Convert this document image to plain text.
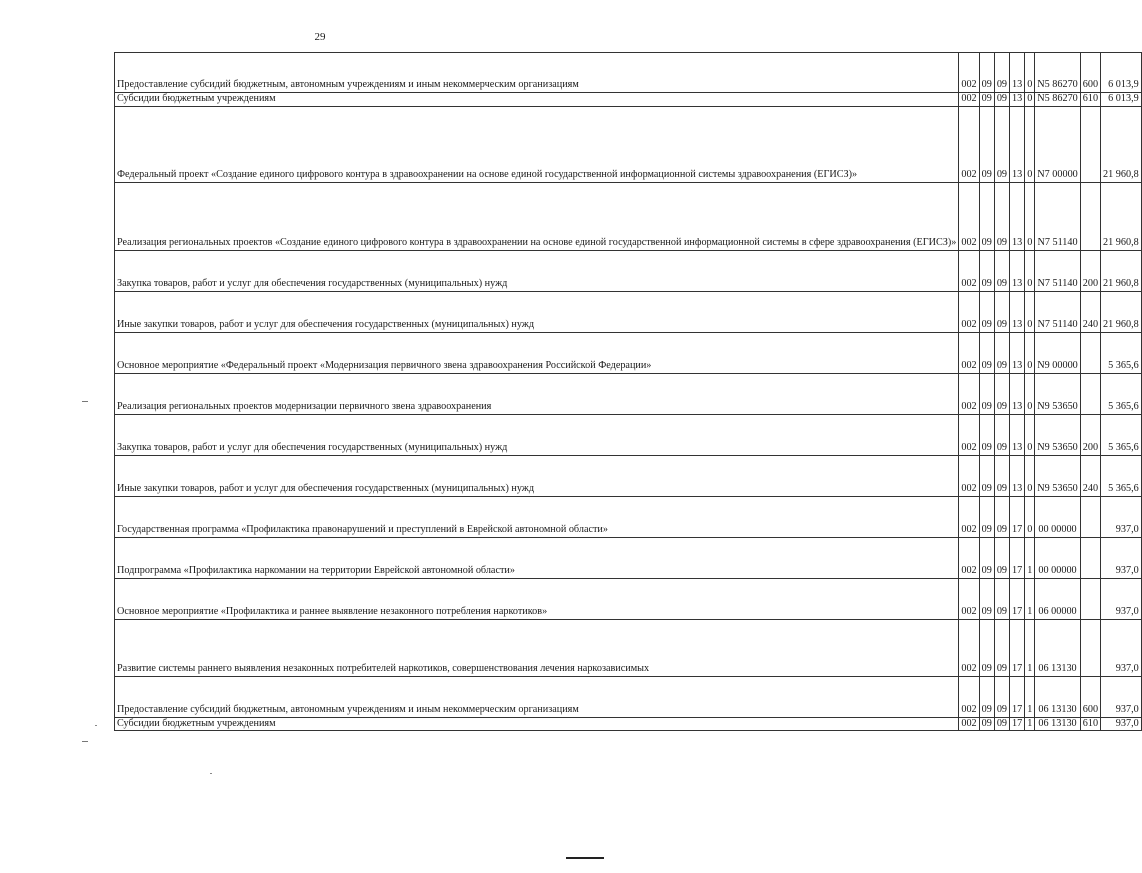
29
Предоставление субсидий бюджетным, автономным учреждениям и иным некоммерческим организациям	002	09	09	13	0	N5 86270	600	6 013,9
Субсидии бюджетным учреждениям	002	09	09	13	0	N5 86270	610	6 013,9
Федеральный проект «Создание единого цифрового контура в здравоохранении на основе единой государственной информационной системы здравоохранения (ЕГИСЗ)»	002	09	09	13	0	N7 00000		21 960,8
Реализация региональных проектов «Создание единого цифрового контура в здравоохранении на основе единой государственной информационной системы в сфере здравоохранения (ЕГИСЗ)»	002	09	09	13	0	N7 51140		21 960,8
Закупка товаров, работ и услуг для обеспечения государственных (муниципальных) нужд	002	09	09	13	0	N7 51140	200	21 960,8
Иные закупки товаров, работ и услуг для обеспечения государственных (муниципальных) нужд	002	09	09	13	0	N7 51140	240	21 960,8
Основное мероприятие «Федеральный проект «Модернизация первичного звена здравоохранения Российской Федерации»	002	09	09	13	0	N9 00000		5 365,6
Реализация региональных проектов модернизации первичного звена здравоохранения	002	09	09	13	0	N9 53650		5 365,6
Закупка товаров, работ и услуг для обеспечения государственных (муниципальных) нужд	002	09	09	13	0	N9 53650	200	5 365,6
Иные закупки товаров, работ и услуг для обеспечения государственных (муниципальных) нужд	002	09	09	13	0	N9 53650	240	5 365,6
Государственная программа «Профилактика правонарушений и преступлений в Еврейской автономной области»	002	09	09	17	0	00 00000		937,0
Подпрограмма «Профилактика наркомании на территории Еврейской автономной области»	002	09	09	17	1	00 00000		937,0
Основное мероприятие «Профилактика и раннее выявление незаконного потребления наркотиков»	002	09	09	17	1	06 00000		937,0
Развитие системы раннего выявления незаконных потребителей наркотиков, совершенствования лечения наркозависимых	002	09	09	17	1	06 13130		937,0
Предоставление субсидий бюджетным, автономным учреждениям и иным некоммерческим организациям	002	09	09	17	1	06 13130	600	937,0
Субсидии бюджетным учреждениям	002	09	09	17	1	06 13130	610	937,0
